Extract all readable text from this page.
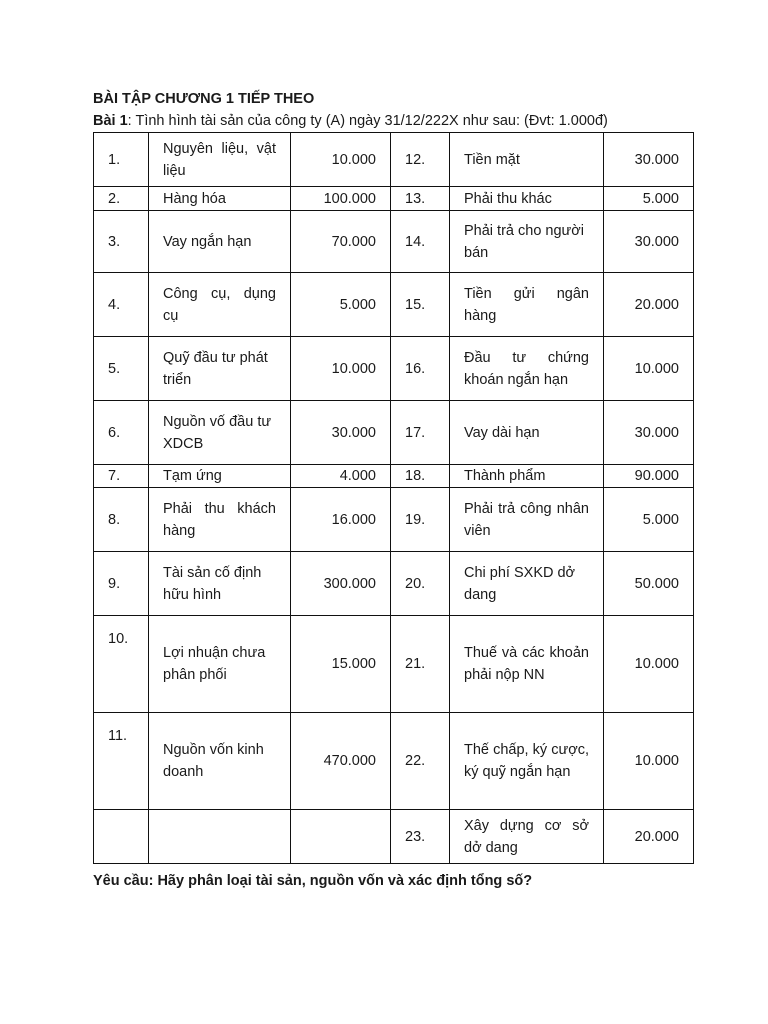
BÀI TẬP CHƯƠNG 1 TIẾP THEO
Bài 1: Tình hình tài sản của công ty (A) ngày 31/12/222X như sau: (Đvt: 1.000đ)
1.	Nguyên liệu, vật liệu	10.000	12.	Tiền mặt	30.000
2.	Hàng hóa	100.000	13.	Phải thu khác	5.000
3.	Vay ngắn hạn	70.000	14.	Phải trả cho người bán	30.000
4.	Công cụ, dụng cụ	5.000	15.	Tiền gửi ngân hàng	20.000
5.	Quỹ đầu tư phát triển	10.000	16.	Đầu tư chứng khoán ngắn hạn	10.000
6.	Nguồn vố đầu tư XDCB	30.000	17.	Vay dài hạn	30.000
7.	Tạm ứng	4.000	18.	Thành phẩm	90.000
8.	Phải thu khách hàng	16.000	19.	Phải trả công nhân viên	5.000
9.	Tài sản cố định hữu hình	300.000	20.	Chi phí SXKD dở dang	50.000
10.	Lợi nhuận chưa phân phối	15.000	21.	Thuế và các khoản phải nộp NN	10.000
11.	Nguồn vốn kinh doanh	470.000	22.	Thế chấp, ký cược, ký quỹ ngắn hạn	10.000
			23.	Xây dựng cơ sở dở dang	20.000
Yêu cầu: Hãy phân loại tài sản, nguồn vốn và xác định tổng số?
